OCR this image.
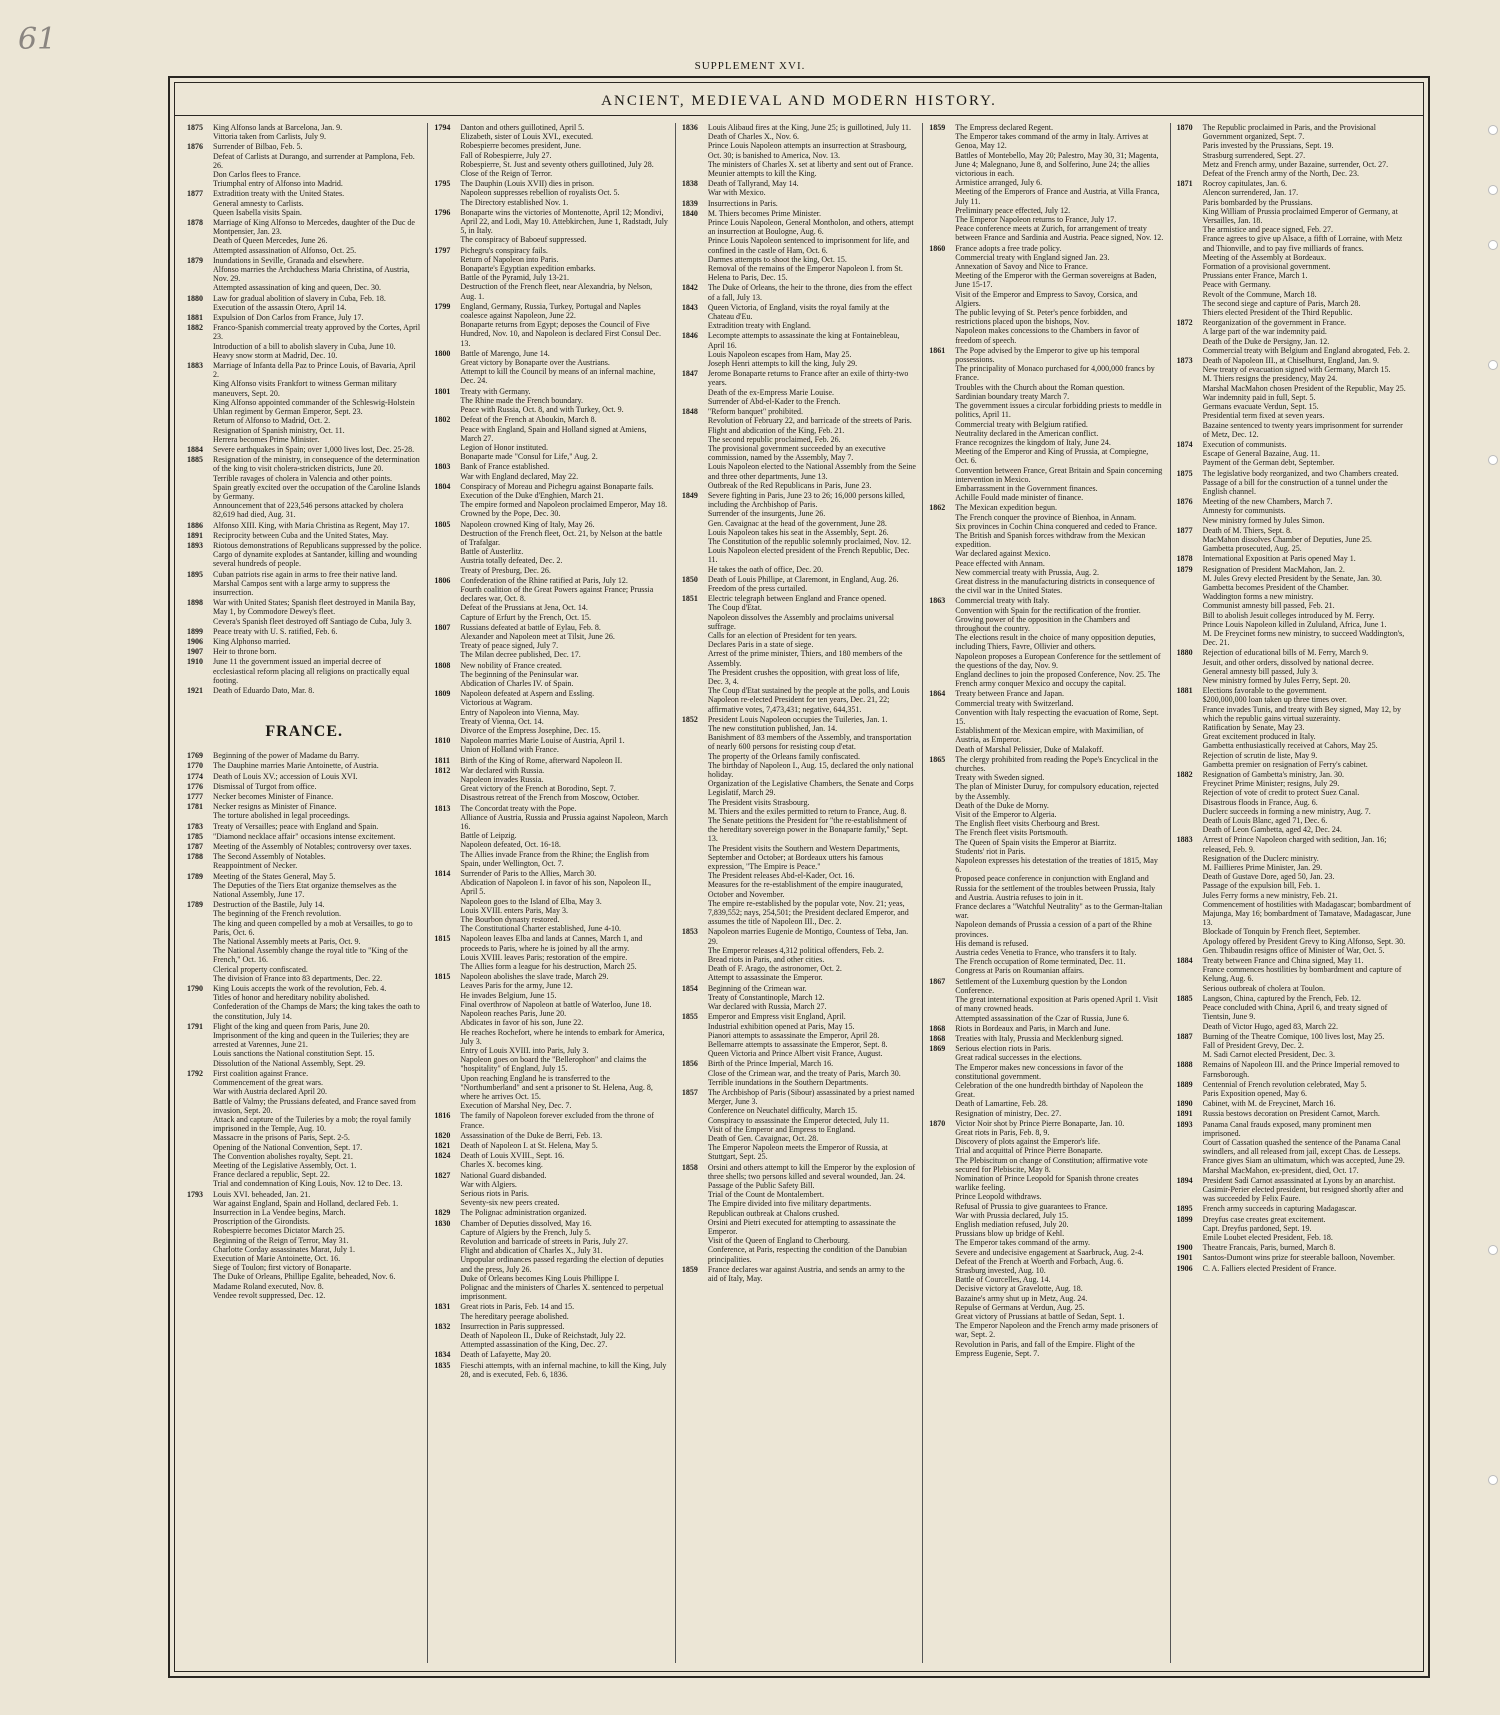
61
SUPPLEMENT XVI.
ANCIENT, MEDIEVAL AND MODERN HISTORY.
1875	King Alfonso lands at Barcelona, Jan. 9.

Vittoria taken from Carlists, July 9.

1876	Surrender of Bilbao, Feb. 5.

Defeat of Carlists at Durango, and surrender at Pamplona, Feb. 26.

Don Carlos flees to France.

Triumphal entry of Alfonso into Madrid.

1877	Extradition treaty with the United States.

General amnesty to Carlists.

Queen Isabella visits Spain.

1878	Marriage of King Alfonso to Mercedes, daughter of the Duc de Montpensier, Jan. 23.

Death of Queen Mercedes, June 26.

Attempted assassination of Alfonso, Oct. 25.

1879	Inundations in Seville, Granada and elsewhere.

Alfonso marries the Archduchess Maria Christina, of Austria, Nov. 29.

Attempted assassination of king and queen, Dec. 30.

1880	Law for gradual abolition of slavery in Cuba, Feb. 18.

Execution of the assassin Otero, April 14.

1881	Expulsion of Don Carlos from France, July 17.

1882	Franco-Spanish commercial treaty approved by the Cortes, April 23.

Introduction of a bill to abolish slavery in Cuba, June 10.

Heavy snow storm at Madrid, Dec. 10.

1883	Marriage of Infanta della Paz to Prince Louis, of Bavaria, April 2.

King Alfonso visits Frankfort to witness German military maneuvers, Sept. 20.

King Alfonso appointed commander of the Schleswig-Holstein Uhlan regiment by German Emperor, Sept. 23.

Return of Alfonso to Madrid, Oct. 2.

Resignation of Spanish ministry, Oct. 11.

Herrera becomes Prime Minister.

1884	Severe earthquakes in Spain; over 1,000 lives lost, Dec. 25-28.

1885	Resignation of the ministry, in consequence of the determination of the king to visit cholera-stricken districts, June 20.

Terrible ravages of cholera in Valencia and other points.

Spain greatly excited over the occupation of the Caroline Islands by Germany.

Announcement that of 223,546 persons attacked by cholera 82,619 had died, Aug. 31.

1886	Alfonso XIII. King, with Maria Christina as Regent, May 17.

1891	Reciprocity between Cuba and the United States, May.

1893	Riotous demonstrations of Republicans suppressed by the police.

Cargo of dynamite explodes at Santander, killing and wounding several hundreds of people.

1895	Cuban patriots rise again in arms to free their native land. Marshal Campos sent with a large army to suppress the insurrection.

1898	War with United States; Spanish fleet destroyed in Manila Bay, May 1, by Commodore Dewey's fleet.

Cevera's Spanish fleet destroyed off Santiago de Cuba, July 3.

1899	Peace treaty with U. S. ratified, Feb. 6.

1906	King Alphonso married.

1907	Heir to throne born.

1910	June 11 the government issued an imperial decree of ecclesiastical reform placing all religions on practically equal footing.

1921	Death of Eduardo Dato, Mar. 8.

FRANCE.
1769	Beginning of the power of Madame du Barry.

1770	The Dauphine marries Marie Antoinette, of Austria.

1774	Death of Louis XV.; accession of Louis XVI.

1776	Dismissal of Turgot from office.

1777	Necker becomes Minister of Finance.

1781	Necker resigns as Minister of Finance.

The torture abolished in legal proceedings.

1783	Treaty of Versailles; peace with England and Spain.

1785	"Diamond necklace affair" occasions intense excitement.

1787	Meeting of the Assembly of Notables; controversy over taxes.

1788	The Second Assembly of Notables.

Reappointment of Necker.

1789	Meeting of the States General, May 5.

The Deputies of the Tiers Etat organize themselves as the National Assembly, June 17.

1789	Destruction of the Bastile, July 14.

The beginning of the French revolution.

The king and queen compelled by a mob at Versailles, to go to Paris, Oct. 6.

The National Assembly meets at Paris, Oct. 9.

The National Assembly change the royal title to "King of the French," Oct. 16.

Clerical property confiscated.

The division of France into 83 departments, Dec. 22.

1790	King Louis accepts the work of the revolution, Feb. 4.

Titles of honor and hereditary nobility abolished.

Confederation of the Champs de Mars; the king takes the oath to the constitution, July 14.

1791	Flight of the king and queen from Paris, June 20.

Imprisonment of the king and queen in the Tuileries; they are arrested at Varennes, June 21.

Louis sanctions the National constitution Sept. 15.

Dissolution of the National Assembly, Sept. 29.

1792	First coalition against France.

Commencement of the great wars.

War with Austria declared April 20.

Battle of Valmy; the Prussians defeated, and France saved from invasion, Sept. 20.

Attack and capture of the Tuileries by a mob; the royal family imprisoned in the Temple, Aug. 10.

Massacre in the prisons of Paris, Sept. 2-5.

Opening of the National Convention, Sept. 17.

The Convention abolishes royalty, Sept. 21.

Meeting of the Legislative Assembly, Oct. 1.

France declared a republic, Sept. 22.

Trial and condemnation of King Louis, Nov. 12 to Dec. 13.

1793	Louis XVI. beheaded, Jan. 21.

War against England, Spain and Holland, declared Feb. 1.

Insurrection in La Vendee begins, March.

Proscription of the Girondists.

Robespierre becomes Dictator March 25.

Beginning of the Reign of Terror, May 31.

Charlotte Corday assassinates Marat, July 1.

Execution of Marie Antoinette, Oct. 16.

Siege of Toulon; first victory of Bonaparte.

The Duke of Orleans, Phillipe Egalite, beheaded, Nov. 6.

Madame Roland executed, Nov. 8.

Vendee revolt suppressed, Dec. 12.

1794	Danton and others guillotined, April 5.

Elizabeth, sister of Louis XVI., executed.

Robespierre becomes president, June.

Fall of Robespierre, July 27.

Robespierre, St. Just and seventy others guillotined, July 28.

Close of the Reign of Terror.

1795	The Dauphin (Louis XVII) dies in prison.

Napoleon suppresses rebellion of royalists Oct. 5.

The Directory established Nov. 1.

1796	Bonaparte wins the victories of Montenotte, April 12; Mondivi, April 22, and Lodi, May 10. Attebkirchen, June 1, Radstadt, July 5, in Italy.

The conspiracy of Baboeuf suppressed.

1797	Pichegru's conspiracy fails.

Return of Napoleon into Paris.

Bonaparte's Egyptian expedition embarks.

Battle of the Pyramid, July 13-21.

Destruction of the French fleet, near Alexandria, by Nelson, Aug. 1.

1799	England, Germany, Russia, Turkey, Portugal and Naples coalesce against Napoleon, June 22.

Bonaparte returns from Egypt; deposes the Council of Five Hundred, Nov. 10, and Napoleon is declared First Consul Dec. 13.

1800	Battle of Marengo, June 14.

Great victory by Bonaparte over the Austrians.

Attempt to kill the Council by means of an infernal machine, Dec. 24.

1801	Treaty with Germany.

The Rhine made the French boundary.

Peace with Russia, Oct. 8, and with Turkey, Oct. 9.

1802	Defeat of the French at Aboukin, March 8.

Peace with England, Spain and Holland signed at Amiens, March 27.

Legion of Honor instituted.

Bonaparte made "Consul for Life," Aug. 2.

1803	Bank of France established.

War with England declared, May 22.

1804	Conspiracy of Moreau and Pichegru against Bonaparte fails.

Execution of the Duke d'Enghien, March 21.

The empire formed and Napoleon proclaimed Emperor, May 18.

Crowned by the Pope, Dec. 30.

1805	Napoleon crowned King of Italy, May 26.

Destruction of the French fleet, Oct. 21, by Nelson at the battle of Trafalgar.

Battle of Austerlitz.

Austria totally defeated, Dec. 2.

Treaty of Presburg, Dec. 26.

1806	Confederation of the Rhine ratified at Paris, July 12.

Fourth coalition of the Great Powers against France; Prussia declares war, Oct. 8.

Defeat of the Prussians at Jena, Oct. 14.

Capture of Erfurt by the French, Oct. 15.

1807	Russians defeated at battle of Eylau, Feb. 8.

Alexander and Napoleon meet at Tilsit, June 26.

Treaty of peace signed, July 7.

The Milan decree published, Dec. 17.

1808	New nobility of France created.

The beginning of the Peninsular war.

Abdication of Charles IV. of Spain.

1809	Napoleon defeated at Aspern and Essling.

Victorious at Wagram.

Entry of Napoleon into Vienna, May.

Treaty of Vienna, Oct. 14.

Divorce of the Empress Josephine, Dec. 15.

1810	Napoleon marries Marie Louise of Austria, April 1.

Union of Holland with France.

1811	Birth of the King of Rome, afterward Napoleon II.

1812	War declared with Russia.

Napoleon invades Russia.

Great victory of the French at Borodino, Sept. 7.

Disastrous retreat of the French from Moscow, October.

1813	The Concordat treaty with the Pope.

Alliance of Austria, Russia and Prussia against Napoleon, March 16.

Battle of Leipzig.

Napoleon defeated, Oct. 16-18.

The Allies invade France from the Rhine; the English from Spain, under Wellington, Oct. 7.

1814	Surrender of Paris to the Allies, March 30.

Abdication of Napoleon I. in favor of his son, Napoleon II., April 5.

Napoleon goes to the Island of Elba, May 3.

Louis XVIII. enters Paris, May 3.

The Bourbon dynasty restored.

The Constitutional Charter established, June 4-10.

1815	Napoleon leaves Elba and lands at Cannes, March 1, and proceeds to Paris, where he is joined by all the army.

Louis XVIII. leaves Paris; restoration of the empire.

The Allies form a league for his destruction, March 25.

1815	Napoleon abolishes the slave trade, March 29.

Leaves Paris for the army, June 12.

He invades Belgium, June 15.

Final overthrow of Napoleon at battle of Waterloo, June 18.

Napoleon reaches Paris, June 20.

Abdicates in favor of his son, June 22.

He reaches Rochefort, where he intends to embark for America, July 3.

Entry of Louis XVIII. into Paris, July 3.

Napoleon goes on board the "Bellerophon" and claims the "hospitality" of England, July 15.

Upon reaching England he is transferred to the "Northumberland" and sent a prisoner to St. Helena, Aug. 8, where he arrives Oct. 15.

Execution of Marshal Ney, Dec. 7.

1816	The family of Napoleon forever excluded from the throne of France.

1820	Assassination of the Duke de Berri, Feb. 13.

1821	Death of Napoleon I. at St. Helena, May 5.

1824	Death of Louis XVIII., Sept. 16.

Charles X. becomes king.

1827	National Guard disbanded.

War with Algiers.

Serious riots in Paris.

Seventy-six new peers created.

1829	The Polignac administration organized.

1830	Chamber of Deputies dissolved, May 16.

Capture of Algiers by the French, July 5.

Revolution and barricade of streets in Paris, July 27.

Flight and abdication of Charles X., July 31.

Unpopular ordinances passed regarding the election of deputies and the press, July 26.

Duke of Orleans becomes King Louis Phillippe I.

Polignac and the ministers of Charles X. sentenced to perpetual imprisonment.

1831	Great riots in Paris, Feb. 14 and 15.

The hereditary peerage abolished.

1832	Insurrection in Paris suppressed.

Death of Napoleon II., Duke of Reichstadt, July 22.

Attempted assassination of the King, Dec. 27.

1834	Death of Lafayette, May 20.

1835	Fieschi attempts, with an infernal machine, to kill the King, July 28, and is executed, Feb. 6, 1836.

1836	Louis Alibaud fires at the King, June 25; is guillotined, July 11.

Death of Charles X., Nov. 6.

Prince Louis Napoleon attempts an insurrection at Strasbourg, Oct. 30; is banished to America, Nov. 13.

The ministers of Charles X. set at liberty and sent out of France.

Meunier attempts to kill the King.

1838	Death of Tallyrand, May 14.

War with Mexico.

1839	Insurrections in Paris.

1840	M. Thiers becomes Prime Minister.

Prince Louis Napoleon, General Montholon, and others, attempt an insurrection at Boulogne, Aug. 6.

Prince Louis Napoleon sentenced to imprisonment for life, and confined in the castle of Ham, Oct. 6.

Darmes attempts to shoot the king, Oct. 15.

Removal of the remains of the Emperor Napoleon I. from St. Helena to Paris, Dec. 15.

1842	The Duke of Orleans, the heir to the throne, dies from the effect of a fall, July 13.

1843	Queen Victoria, of England, visits the royal family at the Chateau d'Eu.

Extradition treaty with England.

1846	Lecompte attempts to assassinate the king at Fontainebleau, April 16.

Louis Napoleon escapes from Ham, May 25.

Joseph Henri attempts to kill the king, July 29.

1847	Jerome Bonaparte returns to France after an exile of thirty-two years.

Death of the ex-Empress Marie Louise.

Surrender of Abd-el-Kader to the French.

1848	"Reform banquet" prohibited.

Revolution of February 22, and barricade of the streets of Paris.

Flight and abdication of the King, Feb. 21.

The second republic proclaimed, Feb. 26.

The provisional government succeeded by an executive commission, named by the Assembly, May 7.

Louis Napoleon elected to the National Assembly from the Seine and three other departments, June 13.

Outbreak of the Red Republicans in Paris, June 23.

1849	Severe fighting in Paris, June 23 to 26; 16,000 persons killed, including the Archbishop of Paris.

Surrender of the insurgents, June 26.

Gen. Cavaignac at the head of the government, June 28.

Louis Napoleon takes his seat in the Assembly, Sept. 26.

The Constitution of the republic solemnly proclaimed, Nov. 12.

Louis Napoleon elected president of the French Republic, Dec. 11.

He takes the oath of office, Dec. 20.

1850	Death of Louis Phillipe, at Claremont, in England, Aug. 26.

Freedom of the press curtailed.

1851	Electric telegraph between England and France opened.

The Coup d'Etat.

Napoleon dissolves the Assembly and proclaims universal suffrage.

Calls for an election of President for ten years.

Declares Paris in a state of siege.

Arrest of the prime minister, Thiers, and 180 members of the Assembly.

The President crushes the opposition, with great loss of life, Dec. 3, 4.

The Coup d'Etat sustained by the people at the polls, and Louis Napoleon re-elected President for ten years, Dec. 21, 22; affirmative votes, 7,473,431; negative, 644,351.

1852	President Louis Napoleon occupies the Tuileries, Jan. 1.

The new constitution published, Jan. 14.

Banishment of 83 members of the Assembly, and transportation of nearly 600 persons for resisting coup d'etat.

The property of the Orleans family confiscated.

The birthday of Napoleon I., Aug. 15, declared the only national holiday.

Organization of the Legislative Chambers, the Senate and Corps Legislatif, March 29.

The President visits Strasbourg.

M. Thiers and the exiles permitted to return to France, Aug. 8.

The Senate petitions the President for "the re-establishment of the hereditary sovereign power in the Bonaparte family," Sept. 13.

The President visits the Southern and Western Departments, September and October; at Bordeaux utters his famous expression, "The Empire is Peace."

The President releases Abd-el-Kader, Oct. 16.

Measures for the re-establishment of the empire inaugurated, October and November.

The empire re-established by the popular vote, Nov. 21; yeas, 7,839,552; nays, 254,501; the President declared Emperor, and assumes the title of Napoleon III., Dec. 2.

1853	Napoleon marries Eugenie de Montigo, Countess of Teba, Jan. 29.

The Emperor releases 4,312 political offenders, Feb. 2.

Bread riots in Paris, and other cities.

Death of F. Arago, the astronomer, Oct. 2.

Attempt to assassinate the Emperor.

1854	Beginning of the Crimean war.

Treaty of Constantinople, March 12.

War declared with Russia, March 27.

1855	Emperor and Empress visit England, April.

Industrial exhibition opened at Paris, May 15.

Pianori attempts to assassinate the Emperor, April 28.

Bellemarre attempts to assassinate the Emperor, Sept. 8.

Queen Victoria and Prince Albert visit France, August.

1856	Birth of the Prince Imperial, March 16.

Close of the Crimean war, and the treaty of Paris, March 30.

Terrible inundations in the Southern Departments.

1857	The Archbishop of Paris (Sibour) assassinated by a priest named Merger, June 3.

Conference on Neuchatel difficulty, March 15.

Conspiracy to assassinate the Emperor detected, July 11.

Visit of the Emperor and Empress to England.

Death of Gen. Cavaignac, Oct. 28.

The Emperor Napoleon meets the Emperor of Russia, at Stuttgart, Sept. 25.

1858	Orsini and others attempt to kill the Emperor by the explosion of three shells; two persons killed and several wounded, Jan. 24.

Passage of the Public Safety Bill.

Trial of the Count de Montalembert.

The Empire divided into five military departments.

Republican outbreak at Chalons crushed.

Orsini and Pietri executed for attempting to assassinate the Emperor.

Visit of the Queen of England to Cherbourg.

Conference, at Paris, respecting the condition of the Danubian principalities.

1859	France declares war against Austria, and sends an army to the aid of Italy, May.

1859	The Empress declared Regent.

The Emperor takes command of the army in Italy. Arrives at Genoa, May 12.

Battles of Montebello, May 20; Palestro, May 30, 31; Magenta, June 4; Malegnano, June 8, and Solferino, June 24; the allies victorious in each.

Armistice arranged, July 6.

Meeting of the Emperors of France and Austria, at Villa Franca, July 11.

Preliminary peace effected, July 12.

The Emperor Napoleon returns to France, July 17.

Peace conference meets at Zurich, for arrangement of treaty between France and Sardinia and Austria. Peace signed, Nov. 12.

1860	France adopts a free trade policy.

Commercial treaty with England signed Jan. 23.

Annexation of Savoy and Nice to France.

Meeting of the Emperor with the German sovereigns at Baden, June 15-17.

Visit of the Emperor and Empress to Savoy, Corsica, and Algiers.

The public levying of St. Peter's pence forbidden, and restrictions placed upon the bishops, Nov.

Napoleon makes concessions to the Chambers in favor of freedom of speech.

1861	The Pope advised by the Emperor to give up his temporal possessions.

The principality of Monaco purchased for 4,000,000 francs by France.

Troubles with the Church about the Roman question.

Sardinian boundary treaty March 7.

The government issues a circular forbidding priests to meddle in politics, April 11.

Commercial treaty with Belgium ratified.

Neutrality declared in the American conflict.

France recognizes the kingdom of Italy, June 24.

Meeting of the Emperor and King of Prussia, at Compiegne, Oct. 6.

Convention between France, Great Britain and Spain concerning intervention in Mexico.

Embarrassment in the Government finances.

Achille Fould made minister of finance.

1862	The Mexican expedition begun.

The French conquer the province of Bienhoa, in Annam.

Six provinces in Cochin China conquered and ceded to France.

The British and Spanish forces withdraw from the Mexican expedition.

War declared against Mexico.

Peace effected with Annam.

New commercial treaty with Prussia, Aug. 2.

Great distress in the manufacturing districts in consequence of the civil war in the United States.

1863	Commercial treaty with Italy.

Convention with Spain for the rectification of the frontier.

Growing power of the opposition in the Chambers and throughout the country.

The elections result in the choice of many opposition deputies, including Thiers, Favre, Ollivier and others.

Napoleon proposes a European Conference for the settlement of the questions of the day, Nov. 9.

England declines to join the proposed Conference, Nov. 25. The French army conquer Mexico and occupy the capital.

1864	Treaty between France and Japan.

Commercial treaty with Switzerland.

Convention with Italy respecting the evacuation of Rome, Sept. 15.

Establishment of the Mexican empire, with Maximilian, of Austria, as Emperor.

Death of Marshal Pelissier, Duke of Malakoff.

1865	The clergy prohibited from reading the Pope's Encyclical in the churches.

Treaty with Sweden signed.

The plan of Minister Duruy, for compulsory education, rejected by the Assembly.

Death of the Duke de Morny.

Visit of the Emperor to Algeria.

The English fleet visits Cherbourg and Brest.

The French fleet visits Portsmouth.

The Queen of Spain visits the Emperor at Biarritz.

Students' riot in Paris.

Napoleon expresses his detestation of the treaties of 1815, May 6.

Proposed peace conference in conjunction with England and Russia for the settlement of the troubles between Prussia, Italy and Austria. Austria refuses to join in it.

France declares a "Watchful Neutrality" as to the German-Italian war.

Napoleon demands of Prussia a cession of a part of the Rhine provinces.

His demand is refused.

Austria cedes Venetia to France, who transfers it to Italy.

The French occupation of Rome terminated, Dec. 11.

Congress at Paris on Roumanian affairs.

1867	Settlement of the Luxemburg question by the London Conference.

The great international exposition at Paris opened April 1. Visit of many crowned heads.

Attempted assassination of the Czar of Russia, June 6.

1868	Riots in Bordeaux and Paris, in March and June.

1868	Treaties with Italy, Prussia and Mecklenburg signed.

1869	Serious election riots in Paris.

Great radical successes in the elections.

The Emperor makes new concessions in favor of the constitutional government.

Celebration of the one hundredth birthday of Napoleon the Great.

Death of Lamartine, Feb. 28.

Resignation of ministry, Dec. 27.

1870	Victor Noir shot by Prince Pierre Bonaparte, Jan. 10.

Great riots in Paris, Feb. 8, 9.

Discovery of plots against the Emperor's life.

Trial and acquittal of Prince Pierre Bonaparte.

The Plebiscitum on change of Constitution; affirmative vote secured for Plebiscite, May 8.

Nomination of Prince Leopold for Spanish throne creates warlike feeling.

Prince Leopold withdraws.

Refusal of Prussia to give guarantees to France.

War with Prussia declared, July 15.

English mediation refused, July 20.

Prussians blow up bridge of Kehl.

The Emperor takes command of the army.

Severe and undecisive engagement at Saarbruck, Aug. 2-4.

Defeat of the French at Woerth and Forbach, Aug. 6.

Strasburg invested, Aug. 10.

Battle of Courcelles, Aug. 14.

Decisive victory at Gravelotte, Aug. 18.

Bazaine's army shut up in Metz, Aug. 24.

Repulse of Germans at Verdun, Aug. 25.

Great victory of Prussians at battle of Sedan, Sept. 1.

The Emperor Napoleon and the French army made prisoners of war, Sept. 2.

Revolution in Paris, and fall of the Empire. Flight of the Empress Eugenie, Sept. 7.

1870	The Republic proclaimed in Paris, and the Provisional Government organized, Sept. 7.

Paris invested by the Prussians, Sept. 19.

Strasburg surrendered, Sept. 27.

Metz and French army, under Bazaine, surrender, Oct. 27.

Defeat of the French army of the North, Dec. 23.

1871	Rocroy capitulates, Jan. 6.

Alencon surrendered, Jan. 17.

Paris bombarded by the Prussians.

King William of Prussia proclaimed Emperor of Germany, at Versailles, Jan. 18.

The armistice and peace signed, Feb. 27.

France agrees to give up Alsace, a fifth of Lorraine, with Metz and Thionville, and to pay five milliards of francs.

Meeting of the Assembly at Bordeaux.

Formation of a provisional government.

Prussians enter France, March 1.

Peace with Germany.

Revolt of the Commune, March 18.

The second siege and capture of Paris, March 28.

Thiers elected President of the Third Republic.

1872	Reorganization of the government in France.

A large part of the war indemnity paid.

Death of the Duke de Persigny, Jan. 12.

Commercial treaty with Belgium and England abrogated, Feb. 2.

1873	Death of Napoleon III., at Chiselhurst, England, Jan. 9.

New treaty of evacuation signed with Germany, March 15.

M. Thiers resigns the presidency, May 24.

Marshal MacMahon chosen President of the Republic, May 25.

War indemnity paid in full, Sept. 5.

Germans evacuate Verdun, Sept. 15.

Presidential term fixed at seven years.

Bazaine sentenced to twenty years imprisonment for surrender of Metz, Dec. 12.

1874	Execution of communists.

Escape of General Bazaine, Aug. 11.

Payment of the German debt, September.

1875	The legislative body reorganized, and two Chambers created.

Passage of a bill for the construction of a tunnel under the English channel.

1876	Meeting of the new Chambers, March 7.

Amnesty for communists.

New ministry formed by Jules Simon.

1877	Death of M. Thiers, Sept. 8.

MacMahon dissolves Chamber of Deputies, June 25.

Gambetta prosecuted, Aug. 25.

1878	International Exposition at Paris opened May 1.

1879	Resignation of President MacMahon, Jan. 2.

M. Jules Grevy elected President by the Senate, Jan. 30.

Gambetta becomes President of the Chamber.

Waddington forms a new ministry.

Communist amnesty bill passed, Feb. 21.

Bill to abolish Jesuit colleges introduced by M. Ferry.

Prince Louis Napoleon killed in Zululand, Africa, June 1.

M. De Freycinet forms new ministry, to succeed Waddington's, Dec. 21.

1880	Rejection of educational bills of M. Ferry, March 9.

Jesuit, and other orders, dissolved by national decree.

General amnesty bill passed, July 3.

New ministry formed by Jules Ferry, Sept. 20.

1881	Elections favorable to the government.

$200,000,000 loan taken up three times over.

France invades Tunis, and treaty with Bey signed, May 12, by which the republic gains virtual suzerainty.

Ratification by Senate, May 23.

Great excitement produced in Italy.

Gambetta enthusiastically received at Cahors, May 25.

Rejection of scrutin de liste, May 9.

Gambetta premier on resignation of Ferry's cabinet.

1882	Resignation of Gambetta's ministry, Jan. 30.

Freycinet Prime Minister; resigns, July 29.

Rejection of vote of credit to protect Suez Canal.

Disastrous floods in France, Aug. 6.

Duclerc succeeds in forming a new ministry, Aug. 7.

Death of Louis Blanc, aged 71, Dec. 6.

Death of Leon Gambetta, aged 42, Dec. 24.

1883	Arrest of Prince Napoleon charged with sedition, Jan. 16; released, Feb. 9.

Resignation of the Duclerc ministry.

M. Faillieres Prime Minister, Jan. 29.

Death of Gustave Dore, aged 50, Jan. 23.

Passage of the expulsion bill, Feb. 1.

Jules Ferry forms a new ministry, Feb. 21.

Commencement of hostilities with Madagascar; bombardment of Majunga, May 16; bombardment of Tamatave, Madagascar, June 13.

Blockade of Tonquin by French fleet, September.

Apology offered by President Grevy to King Alfonso, Sept. 30.

Gen. Thibaudin resigns office of Minister of War, Oct. 5.

1884	Treaty between France and China signed, May 11.

France commences hostilities by bombardment and capture of Kelung, Aug. 6.

Serious outbreak of cholera at Toulon.

1885	Langson, China, captured by the French, Feb. 12.

Peace concluded with China, April 6, and treaty signed of Tientsin, June 9.

Death of Victor Hugo, aged 83, March 22.

1887	Burning of the Theatre Comique, 100 lives lost, May 25.

Fall of President Grevy, Dec. 2.

M. Sadi Carnot elected President, Dec. 3.

1888	Remains of Napoleon III. and the Prince Imperial removed to Farnsborough.

1889	Centennial of French revolution celebrated, May 5.

Paris Exposition opened, May 6.

1890	Cabinet, with M. de Freycinet, March 16.

1891	Russia bestows decoration on President Carnot, March.

1893	Panama Canal frauds exposed, many prominent men imprisoned.

Court of Cassation quashed the sentence of the Panama Canal swindlers, and all released from jail, except Chas. de Lesseps.

France gives Siam an ultimatum, which was accepted, June 29.

Marshal MacMahon, ex-president, died, Oct. 17.

1894	President Sadi Carnot assassinated at Lyons by an anarchist.

Casimir-Perier elected president, but resigned shortly after and was succeeded by Felix Faure.

1895	French army succeeds in capturing Madagascar.

1899	Dreyfus case creates great excitement.

Capt. Dreyfus pardoned, Sept. 19.

Emile Loubet elected President, Feb. 18.

1900	Theatre Francais, Paris, burned, March 8.

1901	Santos-Dumont wins prize for steerable balloon, November.

1906	C. A. Falliers elected President of France.
